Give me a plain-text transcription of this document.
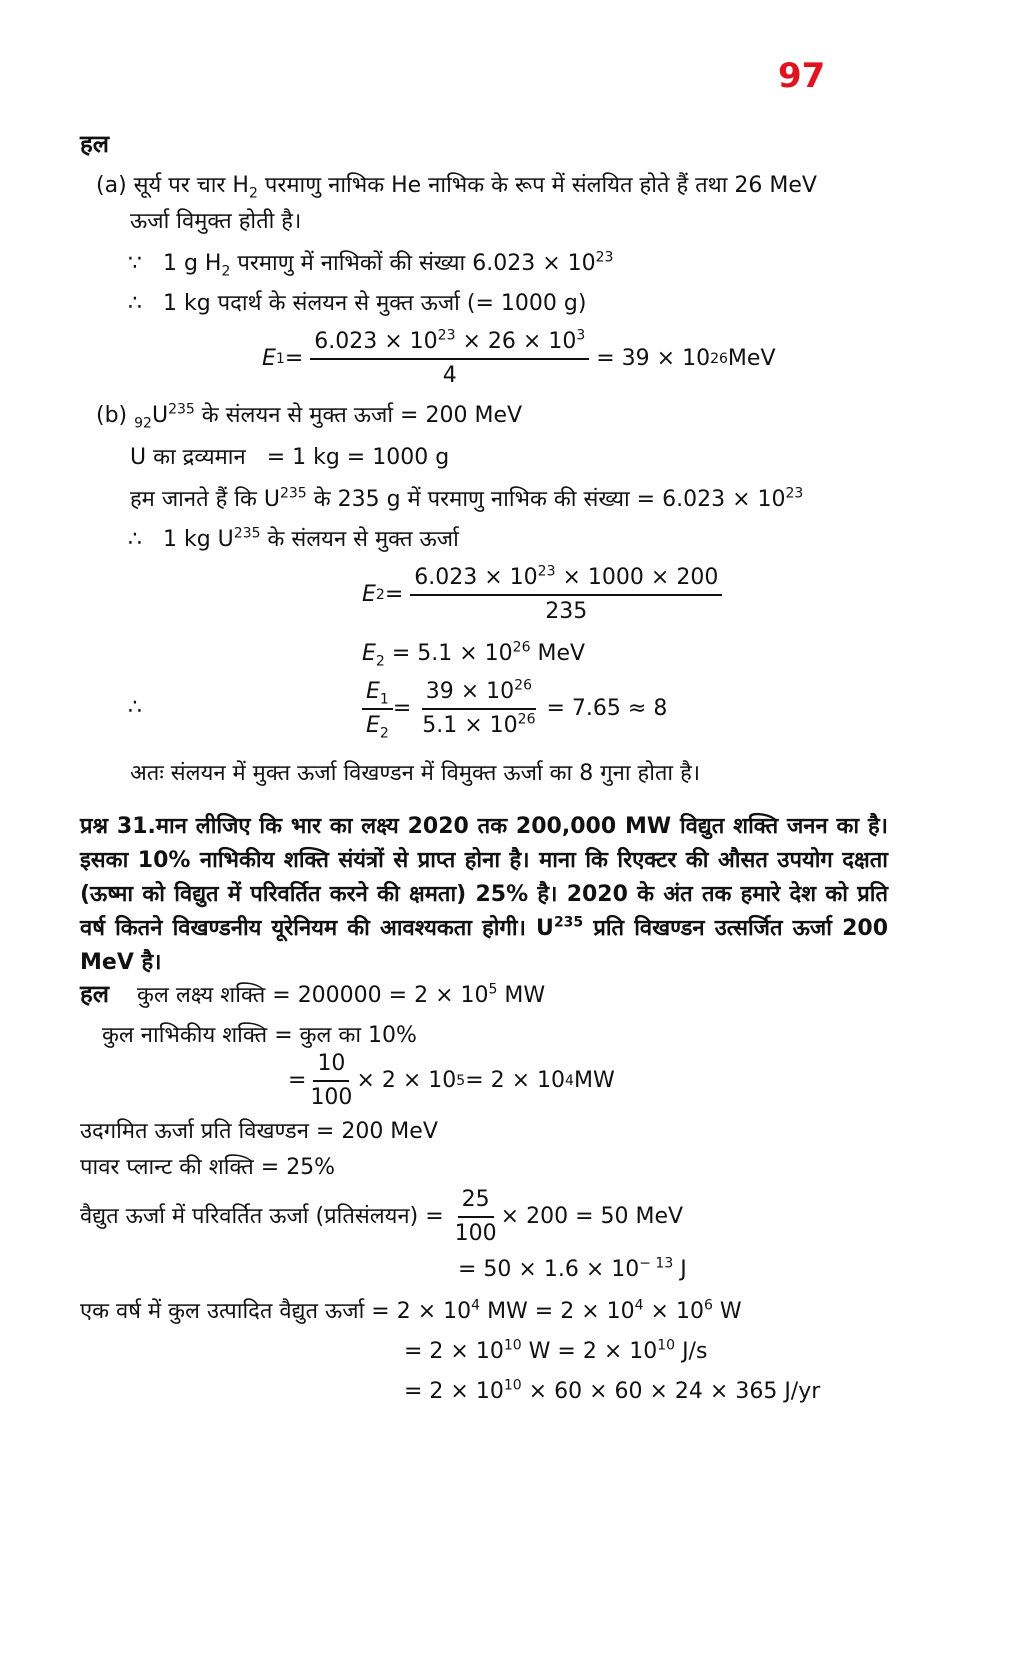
97
हल
(a) सूर्य पर चार $H_2$ परमाणु नाभिक He नाभिक के रूप में संलयित होते हैं तथा 26 MeV
ऊर्जा विमुक्त होती है।
∵ 1 g $H_2$ परमाणु में नाभिकों की संख्या $6.023 \times 10^{23}$
∴ 1 kg पदार्थ के संलयन से मुक्त ऊर्जा (= 1000 g)
E 1 =
$\frac{6.023 \times 10^{23} \times 26 \times 10^3}{4}$
= 39 × 10 26 MeV
(b) $_{92}U^{235}$ के संलयन से मुक्त ऊर्जा = 200 MeV
U का द्रव्यमान   = 1 kg = 1000 g
हम जानते हैं कि $U^{235}$ के 235 g में परमाणु नाभिक की संख्या = $6.023 \times 10^{23}$
∴ 1 kg $U^{235}$ के संलयन से मुक्त ऊर्जा
E 2 =
$\frac{6.023 \times 10^{23} \times 1000 \times 200}{235}$
$E_2 = 5.1 \times 10^{26}$ MeV
∴	$\frac{E_1}{E_2}$ =
$\frac{39 \times 10^{26}}{5.1 \times 10^{26}}$
= 7.65 ≈ 8
अतः संलयन में मुक्त ऊर्जा विखण्डन में विमुक्त ऊर्जा का 8 गुना होता है।
प्रश्न 31.मान लीजिए कि भार का लक्ष्य 2020 तक 200,000 MW विद्युत शक्ति जनन का है। इसका 10% नाभिकीय शक्ति संयंत्रों से प्राप्त होना है। माना कि रिएक्टर की औसत उपयोग दक्षता (ऊष्मा को विद्युत में परिवर्तित करने की क्षमता) 25% है। 2020 के अंत तक हमारे देश को प्रति वर्ष कितने विखण्डनीय यूरेनियम की आवश्यकता होगी। $U^{235}$ प्रति विखण्डन उत्सर्जित ऊर्जा 200 MeV है।
हल कुल लक्ष्य शक्ति = $200000 = 2 \times 10^5$ MW
कुल नाभिकीय शक्ति = कुल का 10%
= $\frac{10}{100} \times 2 \times 10$ 5 = 2 × 10 4 MW
उदगमित ऊर्जा प्रति विखण्डन = 200 MeV
पावर प्लान्ट की शक्ति = 25%
वैद्युत ऊर्जा में परिवर्तित ऊर्जा (प्रतिसंलयन) =
$\frac{25}{100} \times 200 = 50$ MeV
= $50 \times 1.6 \times 10^{- 13}$ J
एक वर्ष में कुल उत्पादित वैद्युत ऊर्जा = $2 \times 10^4$ MW = $2 \times 10^4 \times 10^6$ W
= $2 \times 10^{10}$ $W = 2 \times 10^{10}$ J/s
= $2 \times 10^{10} \times 60 \times 60 \times 24 \times 365$ J/yr
